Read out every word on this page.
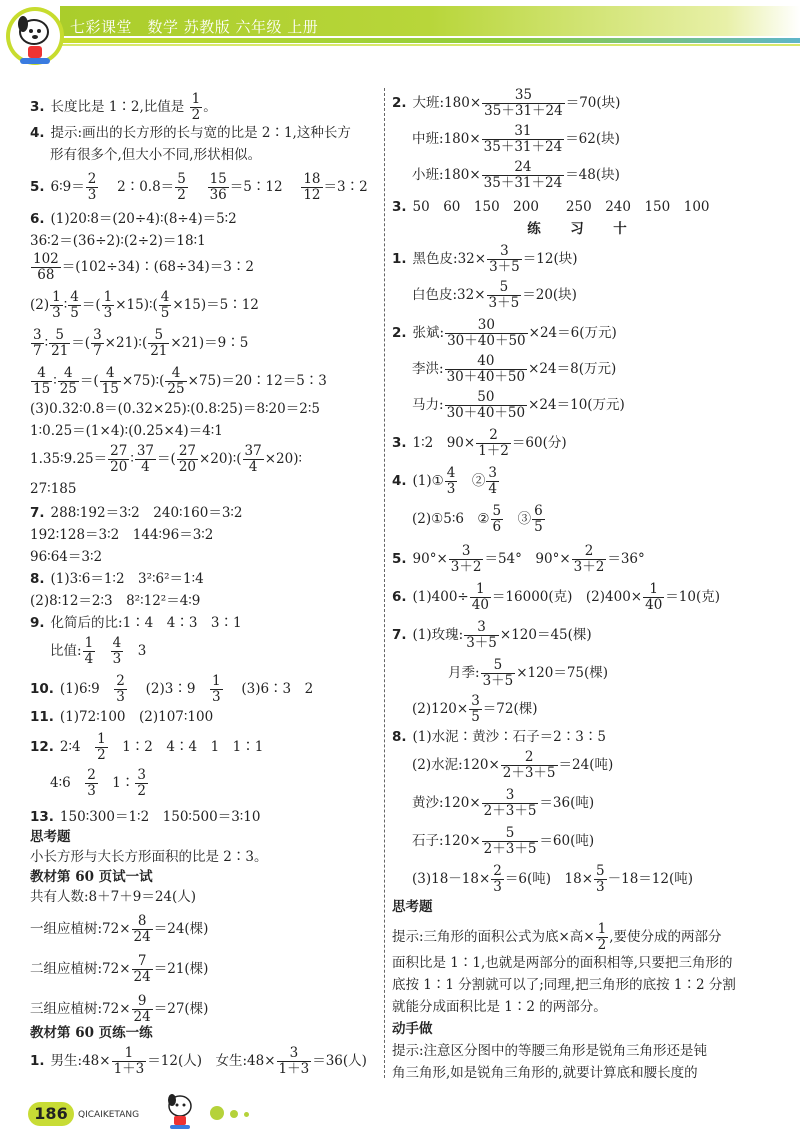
七彩课堂　数学 苏教版 六年级 上册
3. 长度比是 1∶2,比值是 $\frac{1}{2}$ 。
4. 提示:画出的长方形的长与宽的比是 2∶1,这种长方
形有很多个,但大小不同,形状相似。
5. 6∶9＝ $\frac{2}{3}$
　 2∶0.8＝ $\frac{5}{2}$
　 $\frac{15}{36}$ ＝5∶12 　 $\frac{18}{12}$ ＝3∶2
6. (1)20∶8＝(20÷4)∶(8÷4)＝5∶2
36∶2＝(36÷2)∶(2÷2)＝18∶1
$\frac{102}{68}$ ＝(102÷34)∶(68÷34)＝3∶2
$(2) \frac{1}{3}$ ∶ $\frac{4}{5}$ ＝( $\frac{1}{3}$ ×15)∶( $\frac{4}{5}$ ×15)＝5∶12
$\frac{3}{7}$ ∶ $\frac{5}{21}$ ＝( $\frac{3}{7}$ ×21)∶( $\frac{5}{21}$ ×21)＝9∶5
$\frac{4}{15}$ ∶ $\frac{4}{25}$ ＝( $\frac{4}{15}$ ×75)∶( $\frac{4}{25}$ ×75)＝20∶12＝5∶3
(3)0.32∶0.8＝(0.32×25)∶(0.8∶25)＝8∶20＝2∶5
1∶0.25＝(1×4)∶(0.25×4)＝4∶1
1.35∶9.25＝ $\frac{27}{20}$ ∶ $\frac{37}{4}$ ＝( $\frac{27}{20}$ ×20)∶( $\frac{37}{4}$ ×20)∶
27∶185
7. 288∶192＝3∶2　240∶160＝3∶2
192∶128＝3∶2　144∶96＝3∶2
96∶64＝3∶2
8. (1)3∶6＝1∶2　3²∶6²＝1∶4
(2)8∶12＝2∶3　8²∶12²＝4∶9
9. 化简后的比:1∶4　4∶3　3∶1
比值: $\frac{1}{4}$
　 $\frac{4}{3}$ 　3
10. (1)6∶9　 $\frac{2}{3}$
　 (2)3∶9　 $\frac{1}{3}$
　 (3)6∶3　2
11. (1)72∶100　(2)107∶100
12. 2∶4　 $\frac{1}{2}$
　 1∶2　4∶4　1　1∶1
4∶6　 $\frac{2}{3}$
　 1∶ $\frac{3}{2}$
13. 150∶300＝1∶2　150∶500＝3∶10
思考题
小长方形与大长方形面积的比是 2∶3。
教材第 60 页试一试
共有人数:8＋7＋9＝24(人)
一组应植树:72× $\frac{8}{24} =24$(棵)
二组应植树:72× $\frac{7}{24} =21$(棵)
三组应植树:72× $\frac{9}{24} =27$(棵)
教材第 60 页练一练
1. 男生:48× $\frac{1}{1+3} =12$(人)　女生:48× $\frac{3}{1+3} =36$(人)
2. 大班:180× $\frac{35}{35+31+24} =70$(块)
中班:180× $\frac{31}{35+31+24} =62$(块)
小班:180× $\frac{24}{35+31+24} =48$(块)
3. 50　60　150　200　　250　240　150　100
练　习　十
1. 黑色皮:32× $\frac{3}{3+5} =12$(块)
白色皮:32× $\frac{5}{3+5} =20$(块)
2. 张斌: $\frac{30}{30+40+50} \times 24=6$(万元)
李洪: $\frac{40}{30+40+50} \times 24=8$(万元)
马力: $\frac{50}{30+40+50} \times 24=10$(万元)
3. 1∶2　$90\times \frac{2}{1+2} =60$(分)
4. (1)① $\frac{4}{3}$
　 ② $\frac{3}{4}$
(2)①5∶6　② $\frac{5}{6}$
　 ③ $\frac{6}{5}$
5. $90^\circ\times \frac{3}{3+2} =54^\circ$　$90^\circ\times \frac{2}{3+2} =36^\circ$
6. $(1)400\div \frac{1}{40} =16000$(克)　$(2)400\times \frac{1}{40} =10$(克)
7. (1)玫瑰: $\frac{3}{3+5} \times 120=45$(棵)
月季: $\frac{5}{3+5} \times 120=75$(棵)
$(2)120\times \frac{3}{5} =72$(棵)
8. (1)水泥∶黄沙∶石子＝2∶3∶5
(2)水泥:120× $\frac{2}{2+3+5} =24$(吨)
黄沙:120× $\frac{3}{2+3+5} =36$(吨)
石子:120× $\frac{5}{2+3+5} =60$(吨)
$(3)18-18\times \frac{2}{3} =6$(吨)　$18\times \frac{5}{3} -18=12$(吨)
思考题
提示:三角形的面积公式为底×高× $\frac{1}{2}$ ,要使分成的两部分
面积比是 1∶1,也就是两部分的面积相等,只要把三角形的
底按 1∶1 分割就可以了;同理,把三角形的底按 1∶2 分割
就能分成面积比是 1∶2 的两部分。
动手做
提示:注意区分图中的等腰三角形是锐角三角形还是钝
角三角形,如是锐角三角形的,就要计算底和腰长度的
186	QICAIKETANG
